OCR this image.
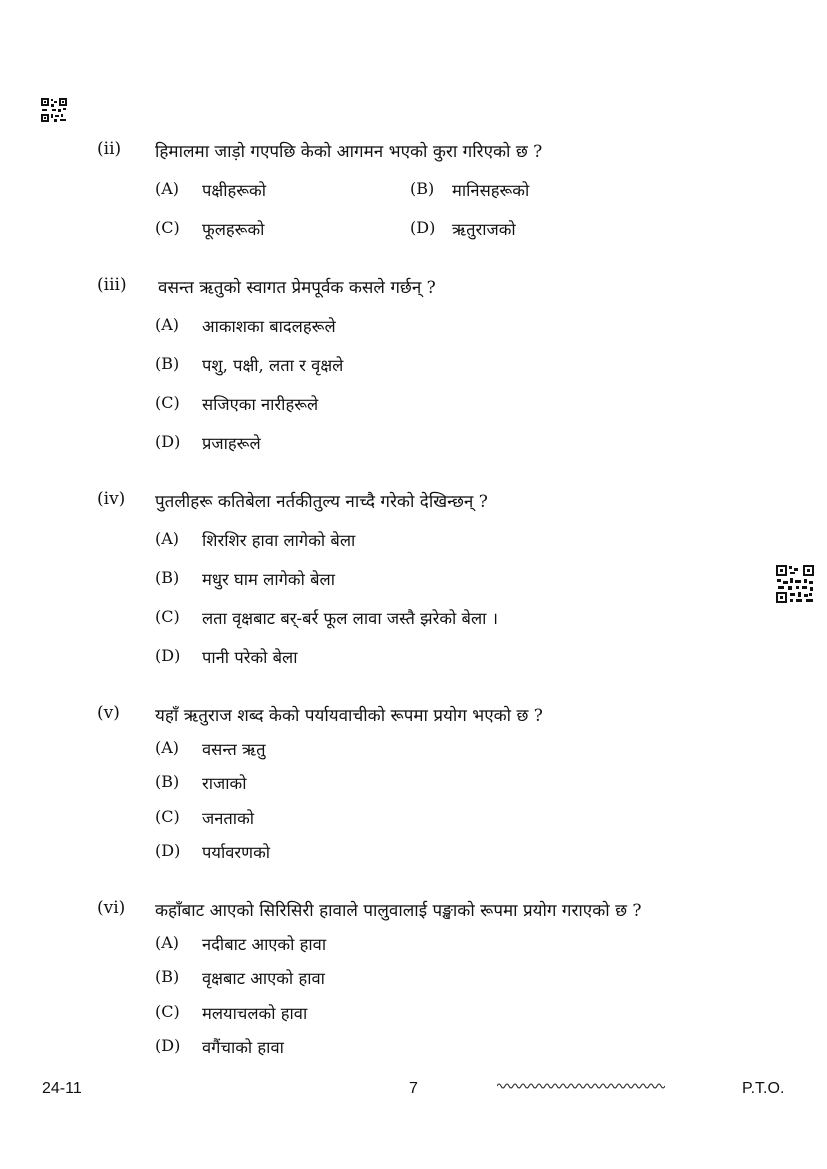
(ii) हिमालमा जाड़ो गएपछि केको आगमन भएको कुरा गरिएको छ ?
(A) पक्षीहरूको	(B) मानिसहरूको
(C) फूलहरूको	(D) ऋतुराजको
(iii) वसन्त ऋतुको स्वागत प्रेमपूर्वक कसले गर्छन् ?
(A) आकाशका बादलहरूले
(B) पशु, पक्षी, लता र वृक्षले
(C) सजिएका नारीहरूले
(D) प्रजाहरूले
(iv) पुतलीहरू कतिबेला नर्तकीतुल्य नाच्दै गरेको देखिन्छन् ?
(A) शिरशिर हावा लागेको बेला
(B) मधुर घाम लागेको बेला
(C) लता वृक्षबाट बर्-बर्र फूल लावा जस्तै झरेको बेला ।
(D) पानी परेको बेला
(v) यहाँ ऋतुराज शब्द केको पर्यायवाचीको रूपमा प्रयोग भएको छ ?
(A) वसन्त ऋतु
(B) राजाको
(C) जनताको
(D) पर्यावरणको
(vi) कहाँबाट आएको सिरिसिरी हावाले पालुवालाई पङ्खाको रूपमा प्रयोग गराएको छ ?
(A) नदीबाट आएको हावा
(B) वृक्षबाट आएको हावा
(C) मलयाचलको हावा
(D) वगैंचाको हावा
24-11	7	P.T.O.
